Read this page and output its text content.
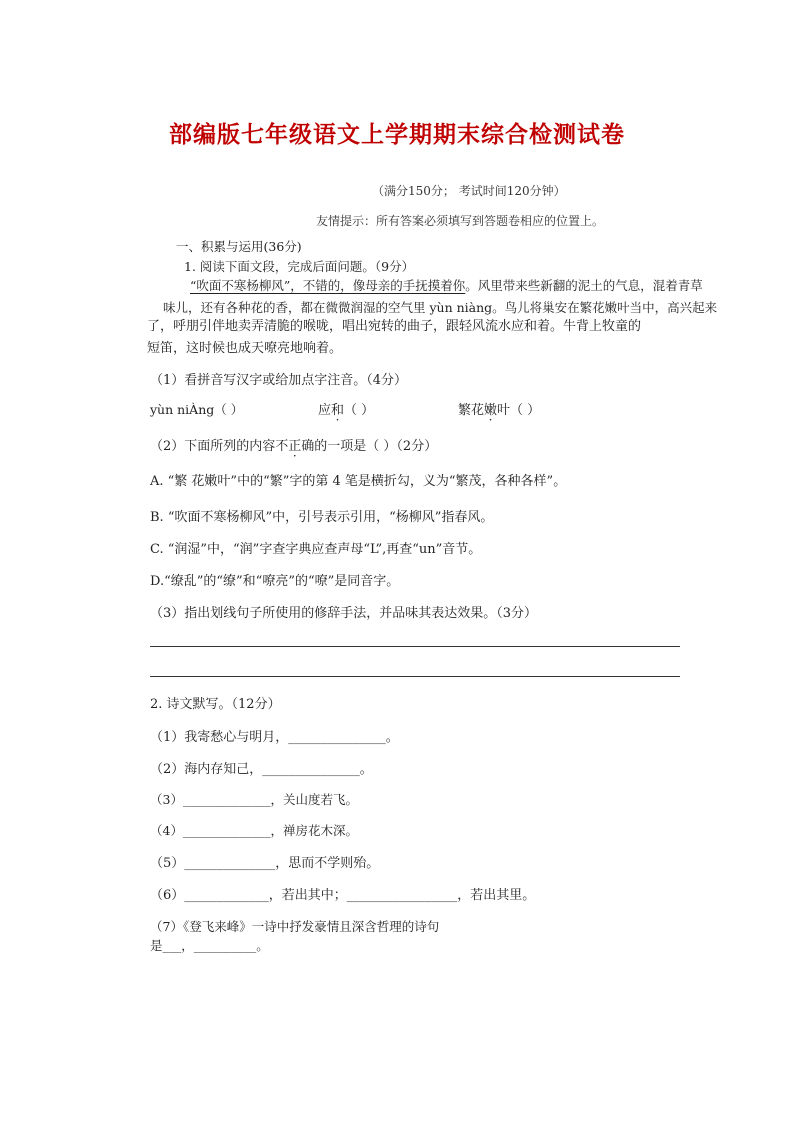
部编版七年级语文上学期期末综合检测试卷
（满分150分； 考试时间120分钟）
友情提示：所有答案必须填写到答题卷相应的位置上。
一、积累与运用(36分)
1. 阅读下面文段，完成后面问题。（9分）
“吹面不寒杨柳风”，不错的，像母亲的手抚摸着你。风里带来些新翻的泥土的气息，混着青草
味儿，还有各种花的香，都在微微润湿的空气里 yùn niàng。鸟儿将巢安在繁花嫩叶当中，高兴起来
了，呼朋引伴地卖弄清脆的喉咙，唱出宛转的曲子，跟轻风流水应和着。牛背上牧童的
短笛，这时候也成天嘹亮地响着。
（1）看拼音写汉字或给加点字注音。（4分）
yùn niÀng（ ）	应和（ ）	繁花嫩叶（ ）
（2）下面所列的内容不正确的一项是（ ）（2分）
A. “繁 花嫩叶”中的“繁”字的第 4 笔是横折勾，义为“繁茂，各种各样”。
B. “吹面不寒杨柳风”中，引号表示引用，“杨柳风”指春风。
C. “润湿”中，“润”字查字典应查声母“L”,再查“un”音节。
D.“缭乱”的“缭”和“嘹亮”的“嘹”是同音字。
（3）指出划线句子所使用的修辞手法，并品味其表达效果。（3分）
2. 诗文默写。（12分）
（1）我寄愁心与明月，_______________。
（2）海内存知己，_______________。
（3）______________，关山度若飞。
（4）______________，禅房花木深。
（5）______________，思而不学则殆。
（6）_____________，若出其中；_________________，若出其里。
（7）《登飞来峰》一诗中抒发豪情且深含哲理的诗句
是___，__________。
